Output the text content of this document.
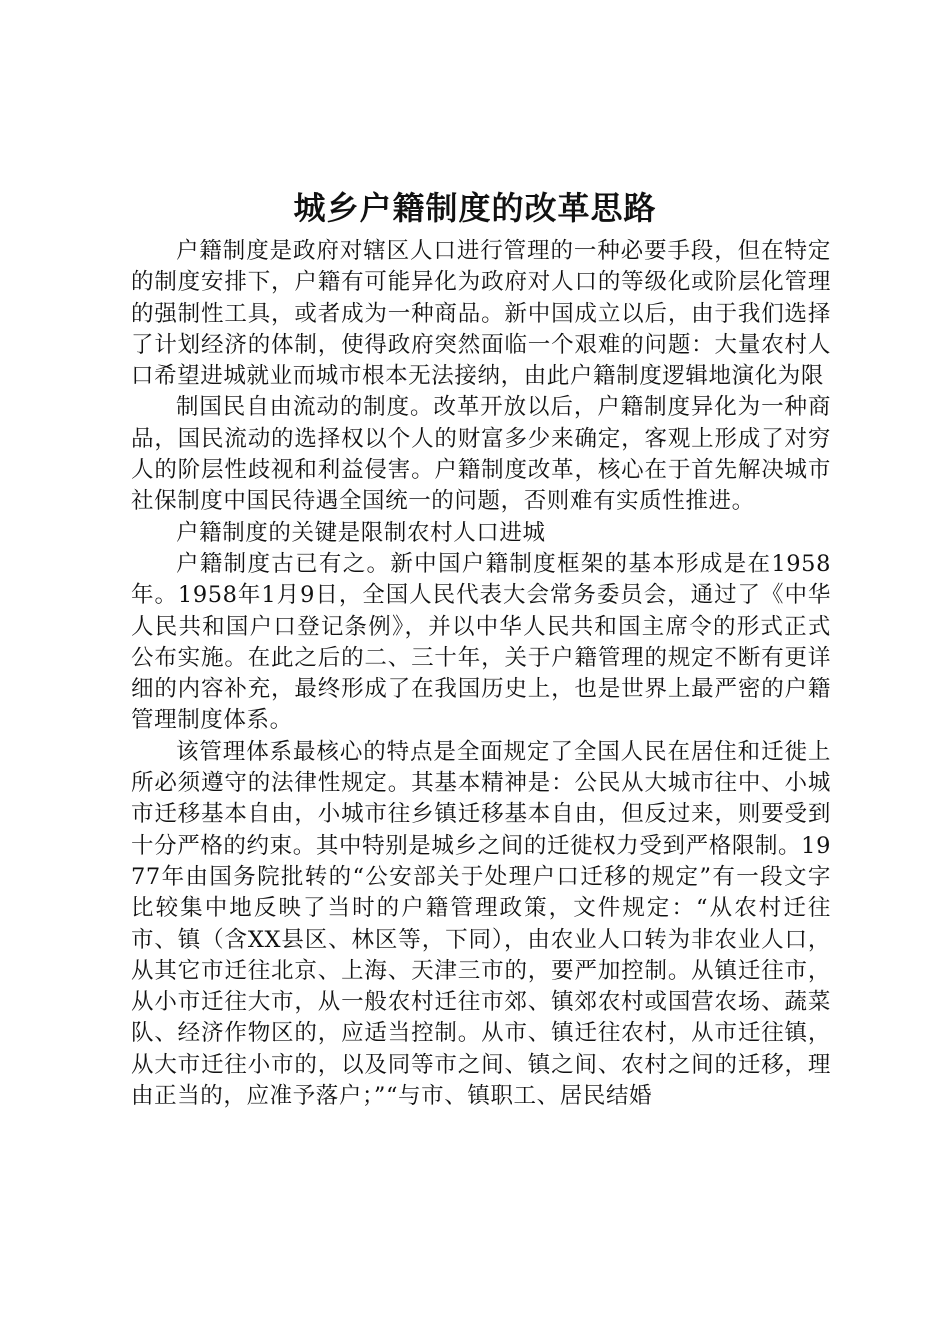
城乡户籍制度的改革思路

户籍制度是政府对辖区人口进行管理的一种必要手段，但在特定的制度安排下，户籍有可能异化为政府对人口的等级化或阶层化管理的强制性工具，或者成为一种商品。新中国成立以后，由于我们选择了计划经济的体制，使得政府突然面临一个艰难的问题：大量农村人口希望进城就业而城市根本无法接纳，由此户籍制度逻辑地演化为限

制国民自由流动的制度。改革开放以后，户籍制度异化为一种商品，国民流动的选择权以个人的财富多少来确定，客观上形成了对穷人的阶层性歧视和利益侵害。户籍制度改革，核心在于首先解决城市社保制度中国民待遇全国统一的问题，否则难有实质性推进。

户籍制度的关键是限制农村人口进城

户籍制度古已有之。新中国户籍制度框架的基本形成是在1958年。1958年1月9日，全国人民代表大会常务委员会，通过了《中华人民共和国户口登记条例》，并以中华人民共和国主席令的形式正式公布实施。在此之后的二、三十年，关于户籍管理的规定不断有更详细的内容补充，最终形成了在我国历史上，也是世界上最严密的户籍管理制度体系。

该管理体系最核心的特点是全面规定了全国人民在居住和迁徙上所必须遵守的法律性规定。其基本精神是：公民从大城市往中、小城市迁移基本自由，小城市往乡镇迁移基本自由，但反过来，则要受到十分严格的约束。其中特别是城乡之间的迁徙权力受到严格限制。1977年由国务院批转的“公安部关于处理户口迁移的规定”有一段文字比较集中地反映了当时的户籍管理政策，文件规定：“从农村迁往市、镇（含XX县区、林区等，下同），由农业人口转为非农业人口，从其它市迁往北京、上海、天津三市的，要严加控制。从镇迁往市，从小市迁往大市，从一般农村迁往市郊、镇郊农村或国营农场、蔬菜队、经济作物区的，应适当控制。从市、镇迁往农村，从市迁往镇，从大市迁往小市的，以及同等市之间、镇之间、农村之间的迁移，理由正当的，应准予落户；”“与市、镇职工、居民结婚
